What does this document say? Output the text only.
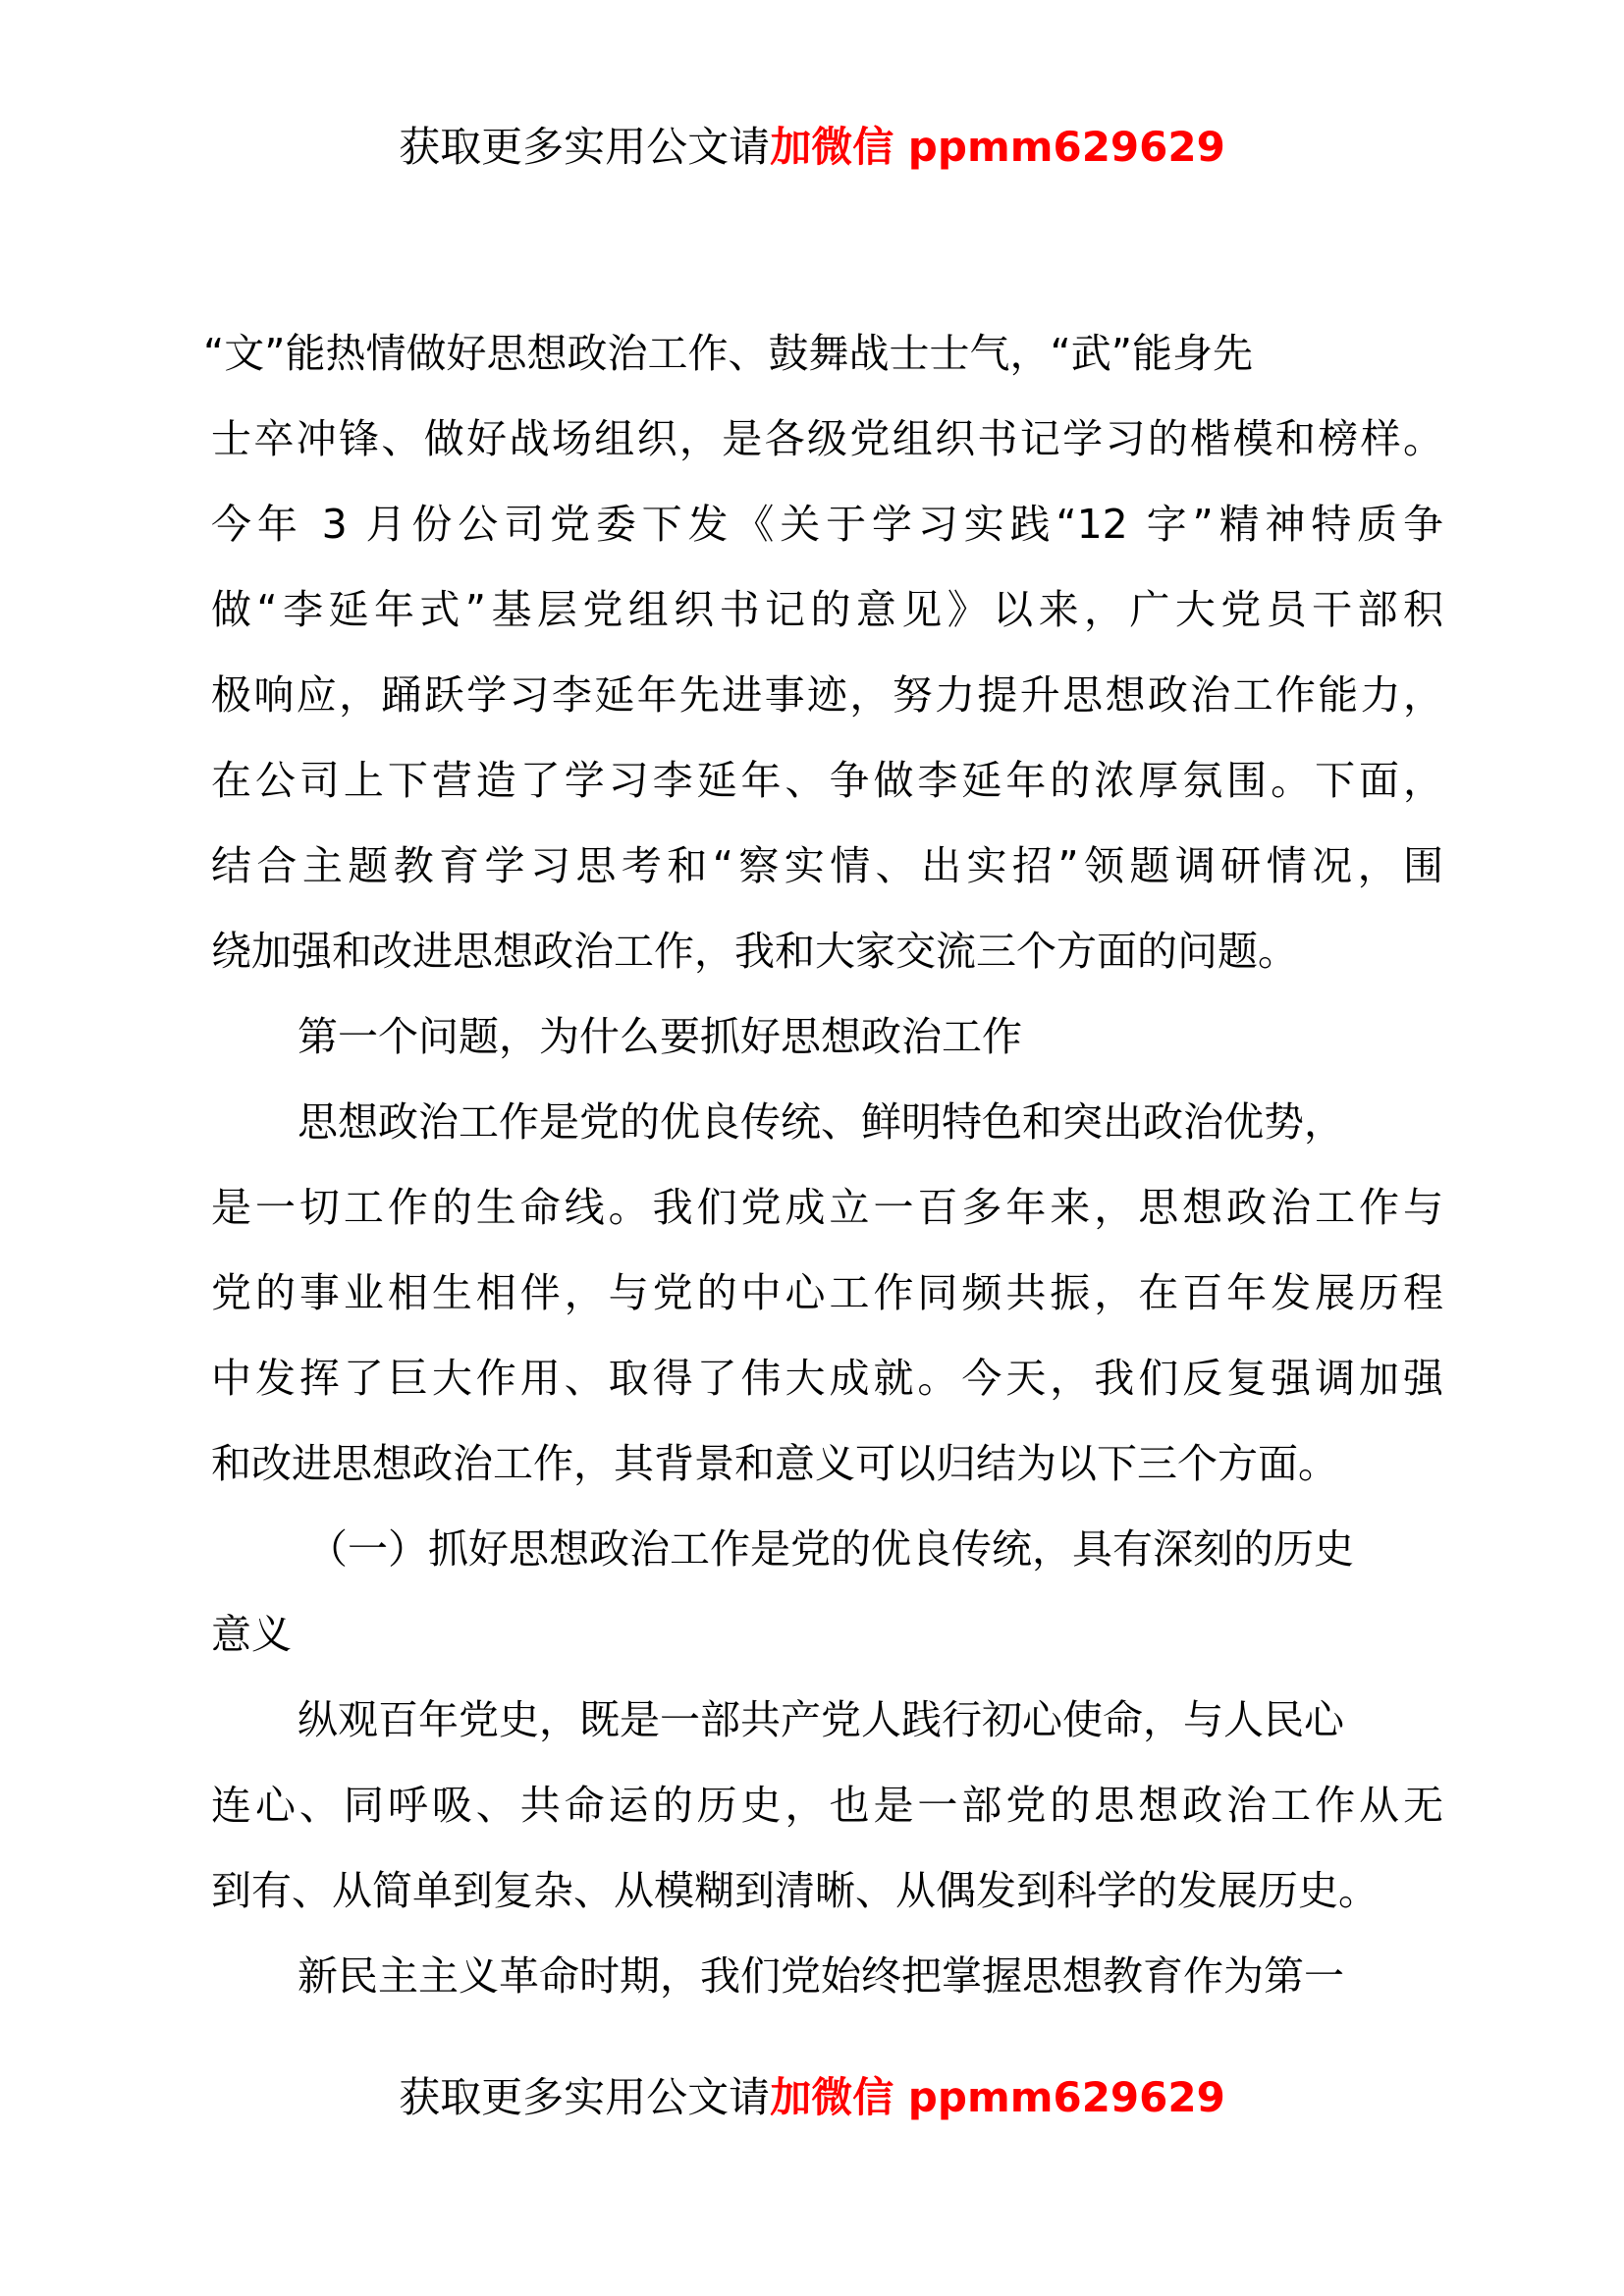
获取更多实用公文请加微信 ppmm629629
“文”能热情做好思想政治工作、鼓舞战士士气，“武”能身先
士卒冲锋、做好战场组织，是各级党组织书记学习的楷模和榜样。
今年 3 月份公司党委下发《关于学习实践“12 字”精神特质争
做“李延年式”基层党组织书记的意见》以来，广大党员干部积
极响应，踊跃学习李延年先进事迹，努力提升思想政治工作能力，
在公司上下营造了学习李延年、争做李延年的浓厚氛围。下面，
结合主题教育学习思考和“察实情、出实招”领题调研情况，围
绕加强和改进思想政治工作，我和大家交流三个方面的问题。
第一个问题，为什么要抓好思想政治工作
思想政治工作是党的优良传统、鲜明特色和突出政治优势，
是一切工作的生命线。我们党成立一百多年来，思想政治工作与
党的事业相生相伴，与党的中心工作同频共振，在百年发展历程
中发挥了巨大作用、取得了伟大成就。今天，我们反复强调加强
和改进思想政治工作，其背景和意义可以归结为以下三个方面。
（一）抓好思想政治工作是党的优良传统，具有深刻的历史
意义
纵观百年党史，既是一部共产党人践行初心使命，与人民心
连心、同呼吸、共命运的历史，也是一部党的思想政治工作从无
到有、从简单到复杂、从模糊到清晰、从偶发到科学的发展历史。
新民主主义革命时期，我们党始终把掌握思想教育作为第一
获取更多实用公文请加微信 ppmm629629
